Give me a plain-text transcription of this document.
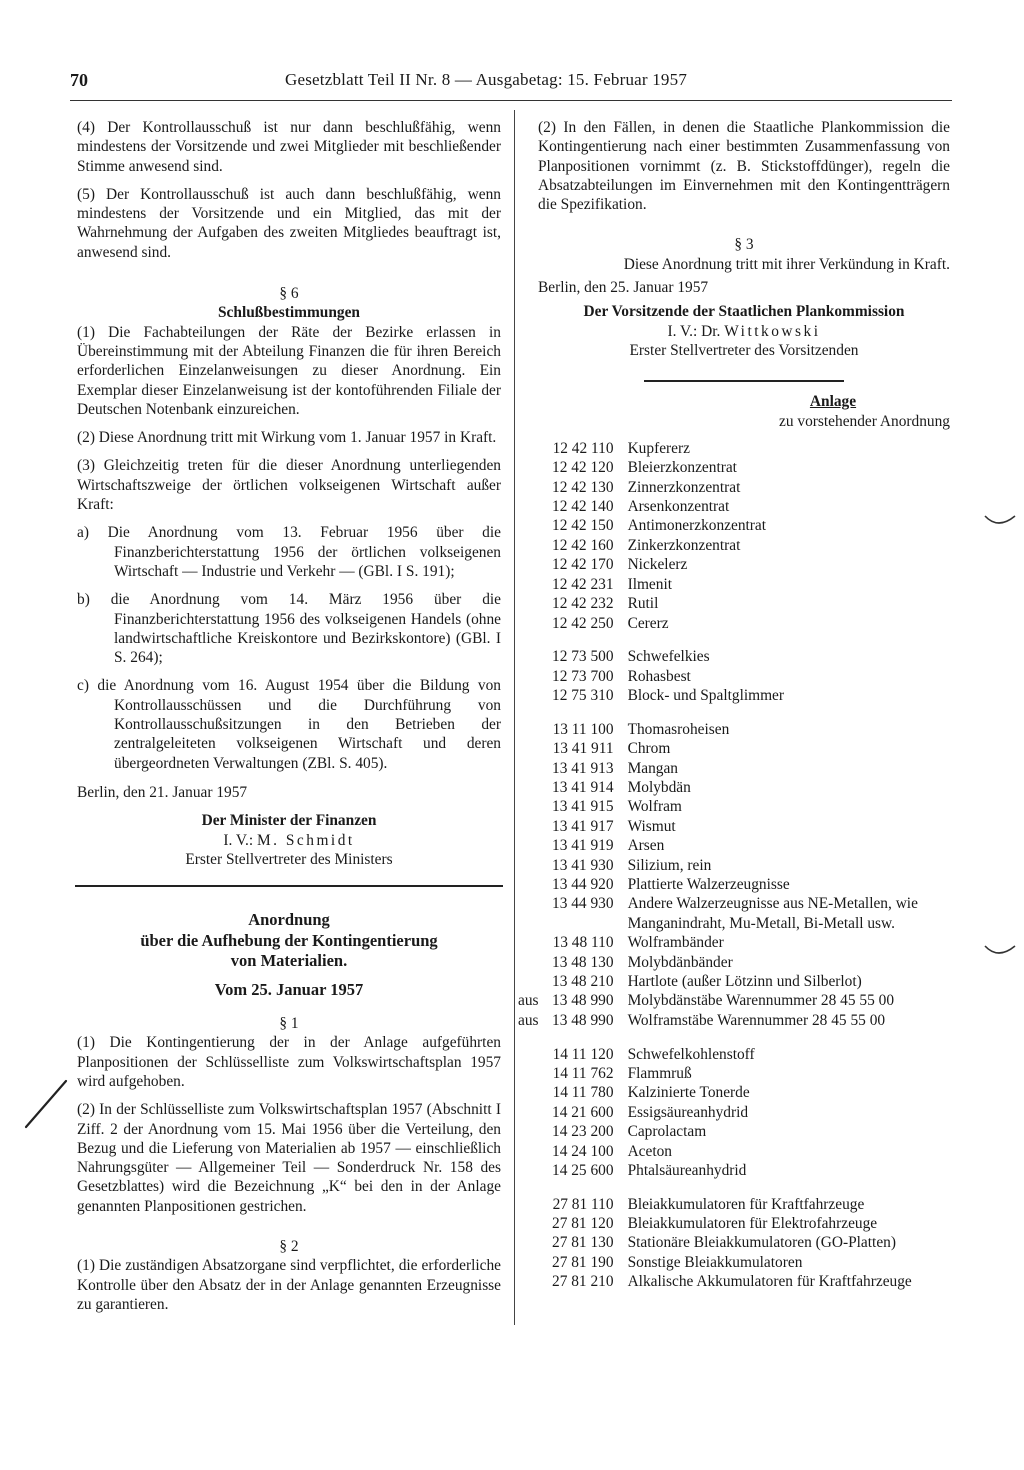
70	Gesetzblatt Teil II Nr. 8 — Ausgabetag: 15. Februar 1957

(4) Der Kontrollausschuß ist nur dann beschlußfähig, wenn mindestens der Vorsitzende und zwei Mitglieder mit beschließender Stimme anwesend sind.

(5) Der Kontrollausschuß ist auch dann beschlußfähig, wenn mindestens der Vorsitzende und ein Mitglied, das mit der Wahrnehmung der Aufgaben des zweiten Mitgliedes beauftragt ist, anwesend sind.

§ 6

Schlußbestimmungen

(1) Die Fachabteilungen der Räte der Bezirke erlassen in Übereinstimmung mit der Abteilung Finanzen die für ihren Bereich erforderlichen Einzelanweisungen zu dieser Anordnung. Ein Exemplar dieser Einzelanweisung ist der kontoführenden Filiale der Deutschen Notenbank einzureichen.

(2) Diese Anordnung tritt mit Wirkung vom 1. Januar 1957 in Kraft.

(3) Gleichzeitig treten für die dieser Anordnung unterliegenden Wirtschaftszweige der örtlichen volkseigenen Wirtschaft außer Kraft:

a) Die Anordnung vom 13. Februar 1956 über die Finanzberichterstattung 1956 der örtlichen volkseigenen Wirtschaft — Industrie und Verkehr — (GBl. I S. 191);

b) die Anordnung vom 14. März 1956 über die Finanzberichterstattung 1956 des volkseigenen Handels (ohne landwirtschaftliche Kreiskontore und Bezirkskontore) (GBl. I S. 264);

c) die Anordnung vom 16. August 1954 über die Bildung von Kontrollausschüssen und die Durchführung von Kontrollausschußsitzungen in den Betrieben der zentralgeleiteten volkseigenen Wirtschaft und deren übergeordneten Verwaltungen (ZBl. S. 405).

Berlin, den 21. Januar 1957

Der Minister der Finanzen

I. V.: M. Schmidt

Erster Stellvertreter des Ministers

Anordnung

über die Aufhebung der Kontingentierung

von Materialien.

Vom 25. Januar 1957

§ 1

(1) Die Kontingentierung der in der Anlage aufgeführten Planpositionen der Schlüsselliste zum Volkswirtschaftsplan 1957 wird aufgehoben.

(2) In der Schlüsselliste zum Volkswirtschaftsplan 1957 (Abschnitt I Ziff. 2 der Anordnung vom 15. Mai 1956 über die Verteilung, den Bezug und die Lieferung von Materialien ab 1957 — einschließlich Nahrungsgüter — Allgemeiner Teil — Sonderdruck Nr. 158 des Gesetzblattes) wird die Bezeichnung „K“ bei den in der Anlage genannten Planpositionen gestrichen.

§ 2

(1) Die zuständigen Absatzorgane sind verpflichtet, die erforderliche Kontrolle über den Absatz der in der Anlage genannten Erzeugnisse zu garantieren.

(2) In den Fällen, in denen die Staatliche Plankommission die Kontingentierung nach einer bestimmten Zusammenfassung von Planpositionen vornimmt (z. B. Stickstoffdünger), regeln die Absatzabteilungen im Einvernehmen mit den Kontingentträgern die Spezifikation.

§ 3

Diese Anordnung tritt mit ihrer Verkündung in Kraft.

Berlin, den 25. Januar 1957

Der Vorsitzende der Staatlichen Plankommission

I. V.: Dr. Wittkowski

Erster Stellvertreter des Vorsitzenden

Anlage

zu vorstehender Anordnung

	12 42 110	Kupfererz
	12 42 120	Bleierzkonzentrat
	12 42 130	Zinnerzkonzentrat
	12 42 140	Arsenkonzentrat
	12 42 150	Antimonerzkonzentrat
	12 42 160	Zinkerzkonzentrat
	12 42 170	Nickelerz
	12 42 231	Ilmenit
	12 42 232	Rutil
	12 42 250	Cererz

	12 73 500	Schwefelkies
	12 73 700	Rohasbest
	12 75 310	Block- und Spaltglimmer

	13 11 100	Thomasroheisen
	13 41 911	Chrom
	13 41 913	Mangan
	13 41 914	Molybdän
	13 41 915	Wolfram
	13 41 917	Wismut
	13 41 919	Arsen
	13 41 930	Silizium, rein
	13 44 920	Plattierte Walzerzeugnisse
	13 44 930	Andere Walzerzeugnisse aus NE-Metallen, wie Manganindraht, Mu-Metall, Bi-Metall usw.
	13 48 110	Wolframbänder
	13 48 130	Molybdänbänder
	13 48 210	Hartlote (außer Lötzinn und Silberlot)
aus	13 48 990	Molybdänstäbe Warennummer 28 45 55 00
aus	13 48 990	Wolframstäbe Warennummer 28 45 55 00

	14 11 120	Schwefelkohlenstoff
	14 11 762	Flammruß
	14 11 780	Kalzinierte Tonerde
	14 21 600	Essigsäureanhydrid
	14 23 200	Caprolactam
	14 24 100	Aceton
	14 25 600	Phtalsäureanhydrid

	27 81 110	Bleiakkumulatoren für Kraftfahrzeuge
	27 81 120	Bleiakkumulatoren für Elektrofahrzeuge
	27 81 130	Stationäre Bleiakkumulatoren (GO-Platten)
	27 81 190	Sonstige Bleiakkumulatoren
	27 81 210	Alkalische Akkumulatoren für Kraftfahrzeuge
